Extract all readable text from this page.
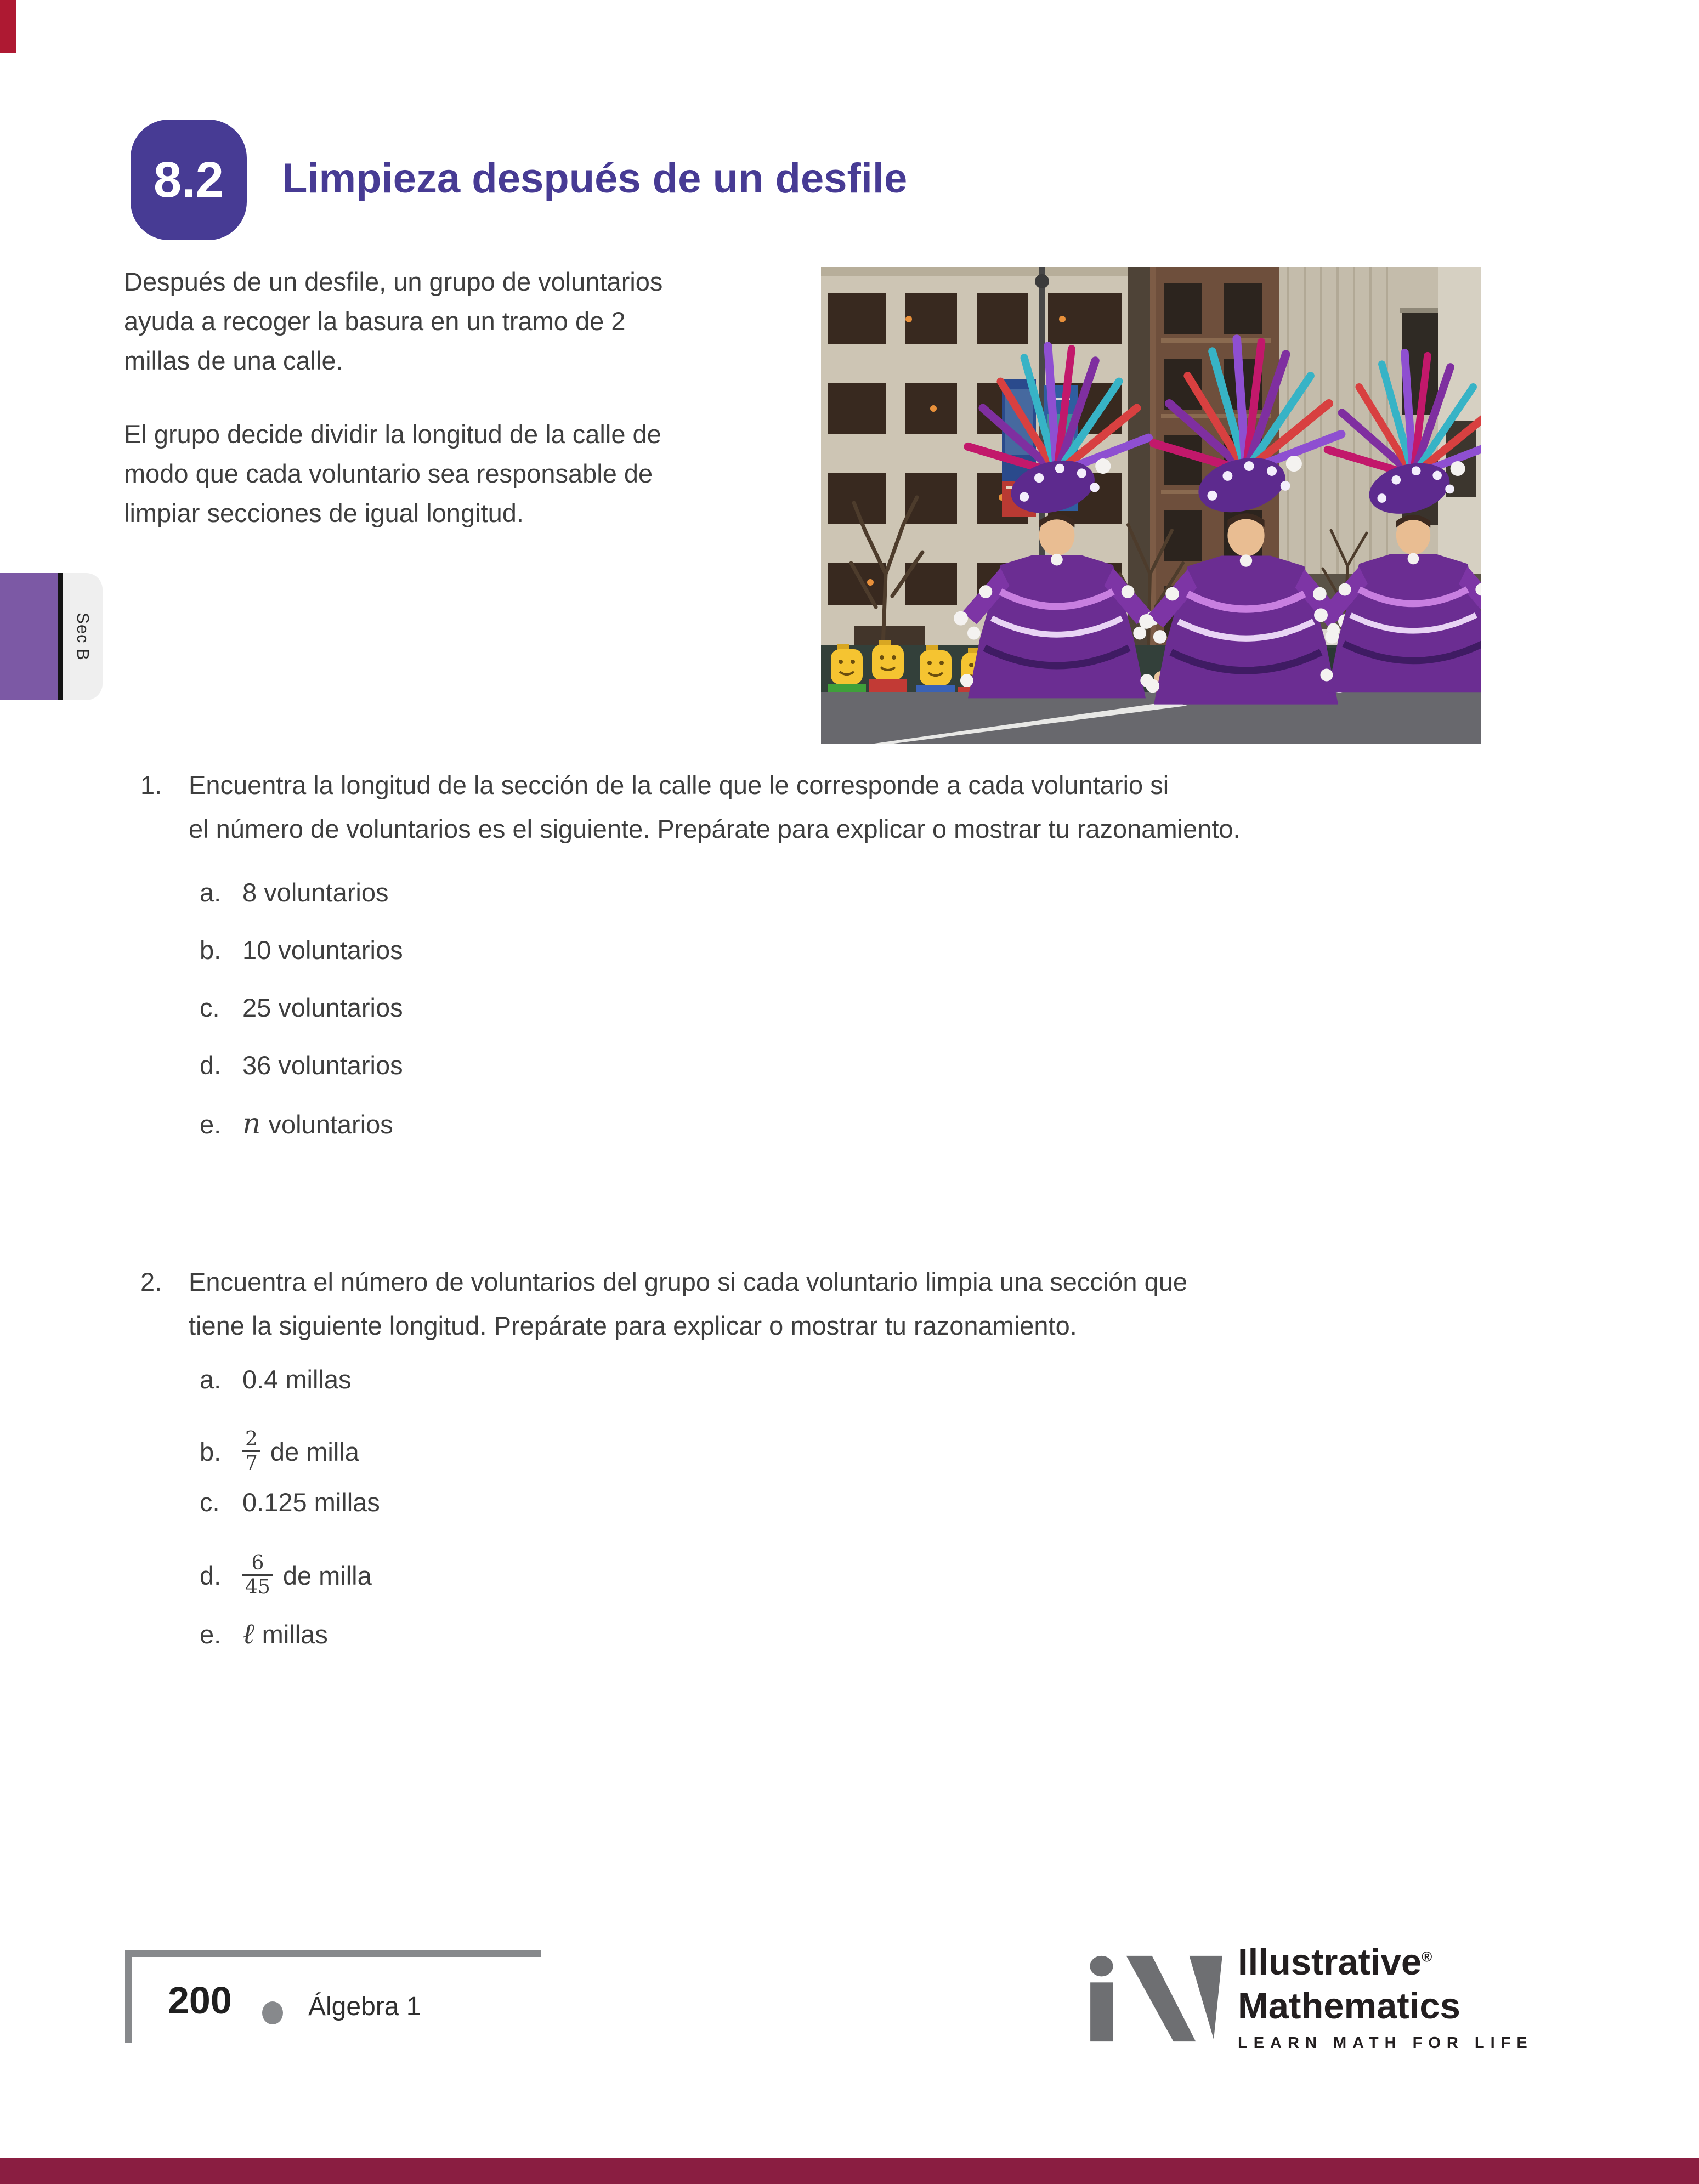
8.2 Limpieza después de un desfile
Después de un desfile, un grupo de voluntarios
ayuda a recoger la basura en un tramo de 2
millas de una calle.
El grupo decide dividir la longitud de la calle de
modo que cada voluntario sea responsable de
limpiar secciones de igual longitud.
Sec B
1.	Encuentra la longitud de la sección de la calle que le corresponde a cada voluntario si
el número de voluntarios es el siguiente. Prepárate para explicar o mostrar tu razonamiento.
a. 8 voluntarios
b. 10 voluntarios
c. 25 voluntarios
d. 36 voluntarios
e. n voluntarios
2.	Encuentra el número de voluntarios del grupo si cada voluntario limpia una sección que
tiene la siguiente longitud. Prepárate para explicar o mostrar tu razonamiento.
a. 0.4 millas
b.	$\frac{2}{7}$ de milla
c. 0.125 millas
d.	$\frac{6}{45}$ de milla
e. ℓ millas
200	Álgebra 1
Illustrative®
Mathematics
LEARN MATH FOR LIFE
